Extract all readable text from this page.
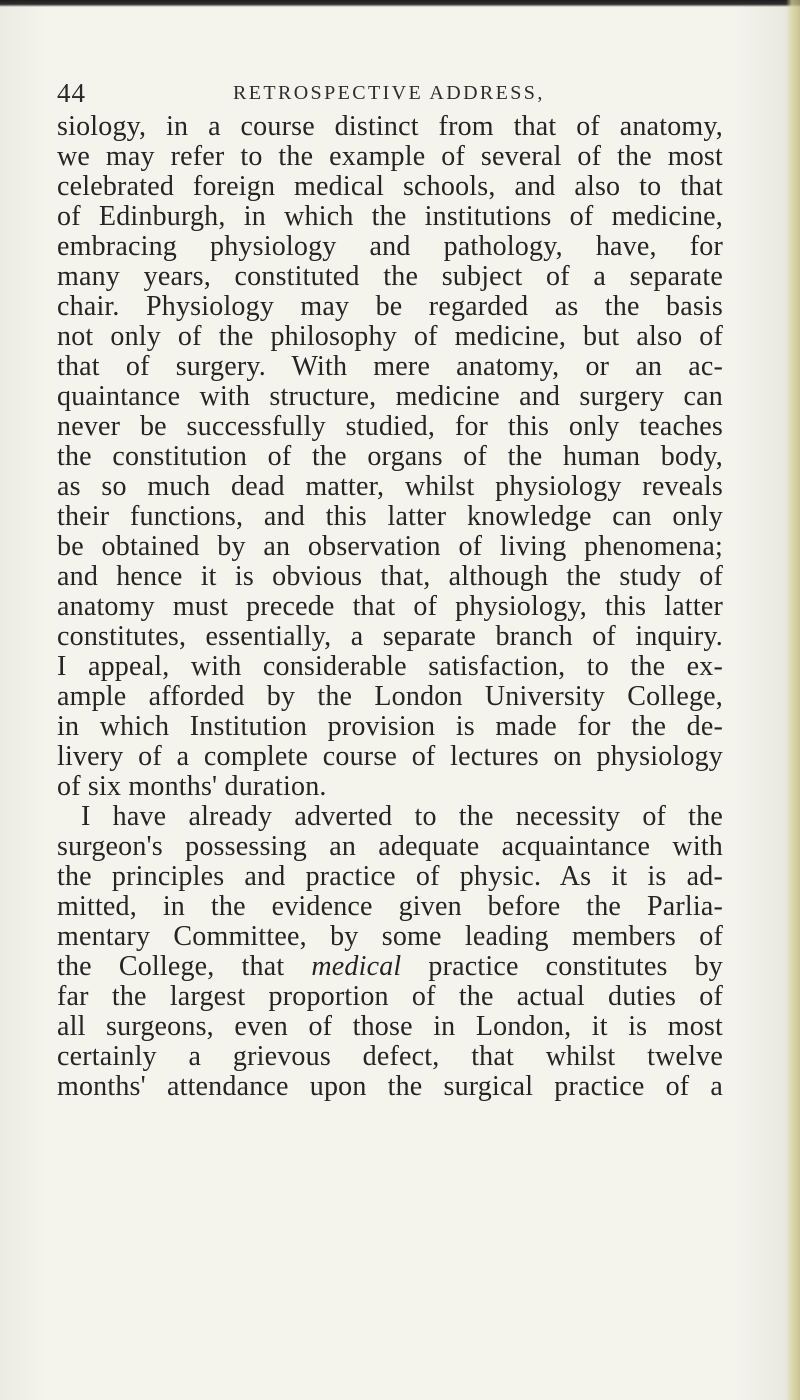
44	RETROSPECTIVE ADDRESS,
siology, in a course distinct from that of anatomy,
we may refer to the example of several of the most
celebrated foreign medical schools, and also to that
of Edinburgh, in which the institutions of medicine,
embracing physiology and pathology, have, for
many years, constituted the subject of a separate
chair. Physiology may be regarded as the basis
not only of the philosophy of medicine, but also of
that of surgery. With mere anatomy, or an ac-
quaintance with structure, medicine and surgery can
never be successfully studied, for this only teaches
the constitution of the organs of the human body,
as so much dead matter, whilst physiology reveals
their functions, and this latter knowledge can only
be obtained by an observation of living phenomena;
and hence it is obvious that, although the study of
anatomy must precede that of physiology, this latter
constitutes, essentially, a separate branch of inquiry.
I appeal, with considerable satisfaction, to the ex-
ample afforded by the London University College,
in which Institution provision is made for the de-
livery of a complete course of lectures on physiology
of six months' duration.
I have already adverted to the necessity of the
surgeon's possessing an adequate acquaintance with
the principles and practice of physic. As it is ad-
mitted, in the evidence given before the Parlia-
mentary Committee, by some leading members of
the College, that medical practice constitutes by
far the largest proportion of the actual duties of
all surgeons, even of those in London, it is most
certainly a grievous defect, that whilst twelve
months' attendance upon the surgical practice of a
